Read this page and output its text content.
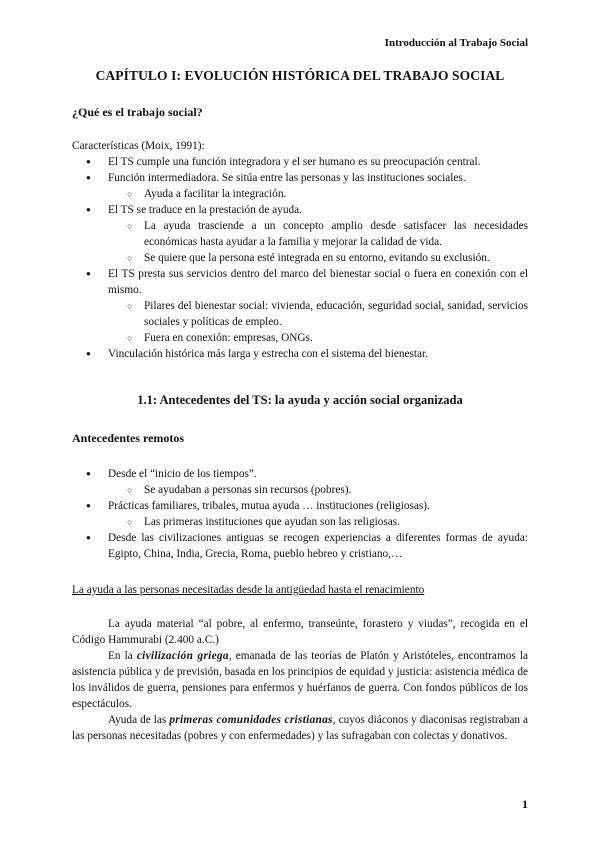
Introducción al Trabajo Social
CAPÍTULO I: EVOLUCIÓN HISTÓRICA DEL TRABAJO SOCIAL
¿Qué es el trabajo social?
Características (Moix, 1991):
● El TS cumple una función integradora y el ser humano es su preocupación central.
● Función intermediadora. Se sitúa entre las personas y las instituciones sociales.
○ Ayuda a facilitar la integración.
● El TS se traduce en la prestación de ayuda.
○ La ayuda trasciende a un concepto amplio desde satisfacer las necesidades económicas hasta ayudar a la familia y mejorar la calidad de vida.
○ Se quiere que la persona esté integrada en su entorno, evitando su exclusión.
● El TS presta sus servicios dentro del marco del bienestar social o fuera en conexión con el mismo.
○ Pilares del bienestar social: vivienda, educación, seguridad social, sanidad, servicios sociales y políticas de empleo.
○ Fuera en conexión: empresas, ONGs.
● Vinculación histórica más larga y estrecha con el sistema del bienestar.
1.1: Antecedentes del TS: la ayuda y acción social organizada
Antecedentes remotos
● Desde el “inicio de los tiempos”.
○ Se ayudaban a personas sin recursos (pobres).
● Prácticas familiares, tribales, mutua ayuda … instituciones (religiosas).
○ Las primeras instituciones que ayudan son las religiosas.
● Desde las civilizaciones antiguas se recogen experiencias a diferentes formas de ayuda: Egipto, China, India, Grecia, Roma, pueblo hebreo y cristiano,…
La ayuda a las personas necesitadas desde la antigüedad hasta el renacimiento

La ayuda material “al pobre, al enfermo, transeúnte, forastero y viudas”, recogida en el Código Hammurabi (2.400 a.C.)

En la civilización griega, emanada de las teorías de Platón y Aristóteles, encontramos la asistencia pública y de previsión, basada en los principios de equidad y justicia: asistencia médica de los inválidos de guerra, pensiones para enfermos y huérfanos de guerra. Con fondos públicos de los espectáculos.

Ayuda de las primeras comunidades cristianas, cuyos diáconos y diaconisas registraban a las personas necesitadas (pobres y con enfermedades) y las sufragaban con colectas y donativos.

1
